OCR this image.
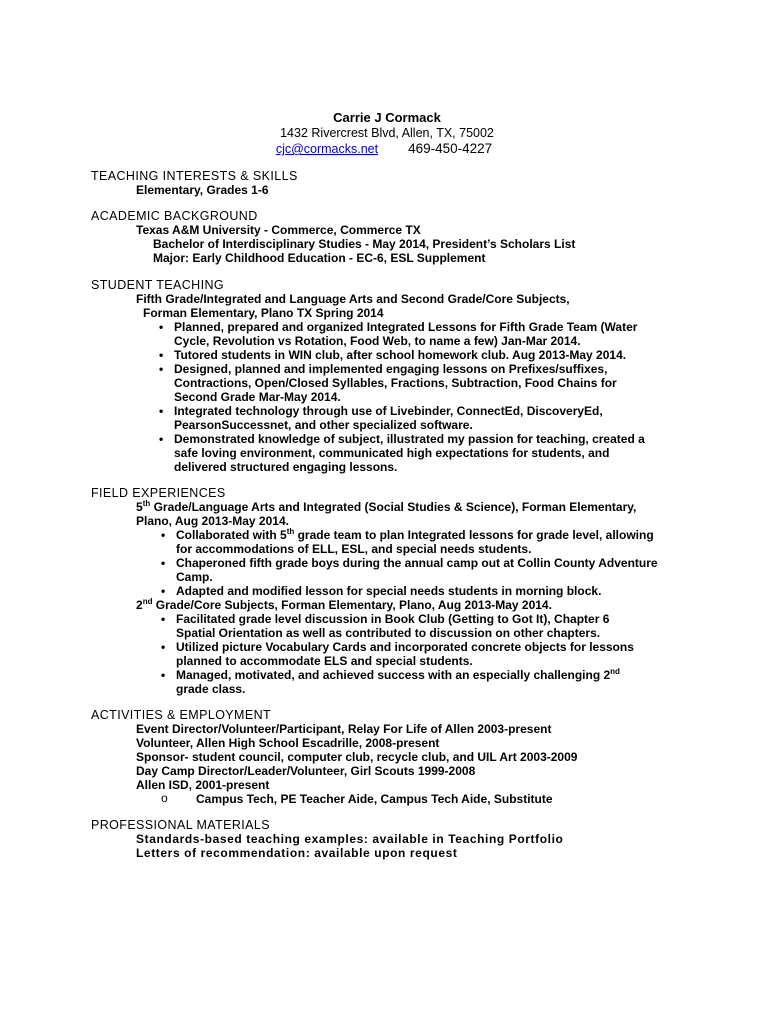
Carrie J Cormack
1432 Rivercrest Blvd, Allen, TX, 75002
cjc@cormacks.net 469-450-4227
TEACHING INTERESTS & SKILLS
Elementary, Grades 1-6
ACADEMIC BACKGROUND
Texas A&M University - Commerce, Commerce TX
Bachelor of Interdisciplinary Studies - May 2014, President’s Scholars List
Major: Early Childhood Education - EC-6, ESL Supplement
STUDENT TEACHING
Fifth Grade/Integrated and Language Arts and Second Grade/Core Subjects,
Forman Elementary, Plano TX Spring 2014
• Planned, prepared and organized Integrated Lessons for Fifth Grade Team (Water
Cycle, Revolution vs Rotation, Food Web, to name a few) Jan-Mar 2014.
• Tutored students in WIN club, after school homework club. Aug 2013-May 2014.
• Designed, planned and implemented engaging lessons on Prefixes/suffixes,
Contractions, Open/Closed Syllables, Fractions, Subtraction, Food Chains for
Second Grade Mar-May 2014.
• Integrated technology through use of Livebinder, ConnectEd, DiscoveryEd,
PearsonSuccessnet, and other specialized software.
• Demonstrated knowledge of subject, illustrated my passion for teaching, created a
safe loving environment, communicated high expectations for students, and
delivered structured engaging lessons.
FIELD EXPERIENCES
5th Grade/Language Arts and Integrated (Social Studies & Science), Forman Elementary,
Plano, Aug 2013-May 2014.
• Collaborated with 5th grade team to plan Integrated lessons for grade level, allowing
for accommodations of ELL, ESL, and special needs students.
• Chaperoned fifth grade boys during the annual camp out at Collin County Adventure
Camp.
• Adapted and modified lesson for special needs students in morning block.
2nd Grade/Core Subjects, Forman Elementary, Plano, Aug 2013-May 2014.
• Facilitated grade level discussion in Book Club (Getting to Got It), Chapter 6
Spatial Orientation as well as contributed to discussion on other chapters.
• Utilized picture Vocabulary Cards and incorporated concrete objects for lessons
planned to accommodate ELS and special students.
• Managed, motivated, and achieved success with an especially challenging 2nd
grade class.
ACTIVITIES & EMPLOYMENT
Event Director/Volunteer/Participant, Relay For Life of Allen 2003-present
Volunteer, Allen High School Escadrille, 2008-present
Sponsor- student council, computer club, recycle club, and UIL Art 2003-2009
Day Camp Director/Leader/Volunteer, Girl Scouts 1999-2008
Allen ISD, 2001-present
o Campus Tech, PE Teacher Aide, Campus Tech Aide, Substitute
PROFESSIONAL MATERIALS
Standards-based teaching examples: available in Teaching Portfolio
Letters of recommendation: available upon request
